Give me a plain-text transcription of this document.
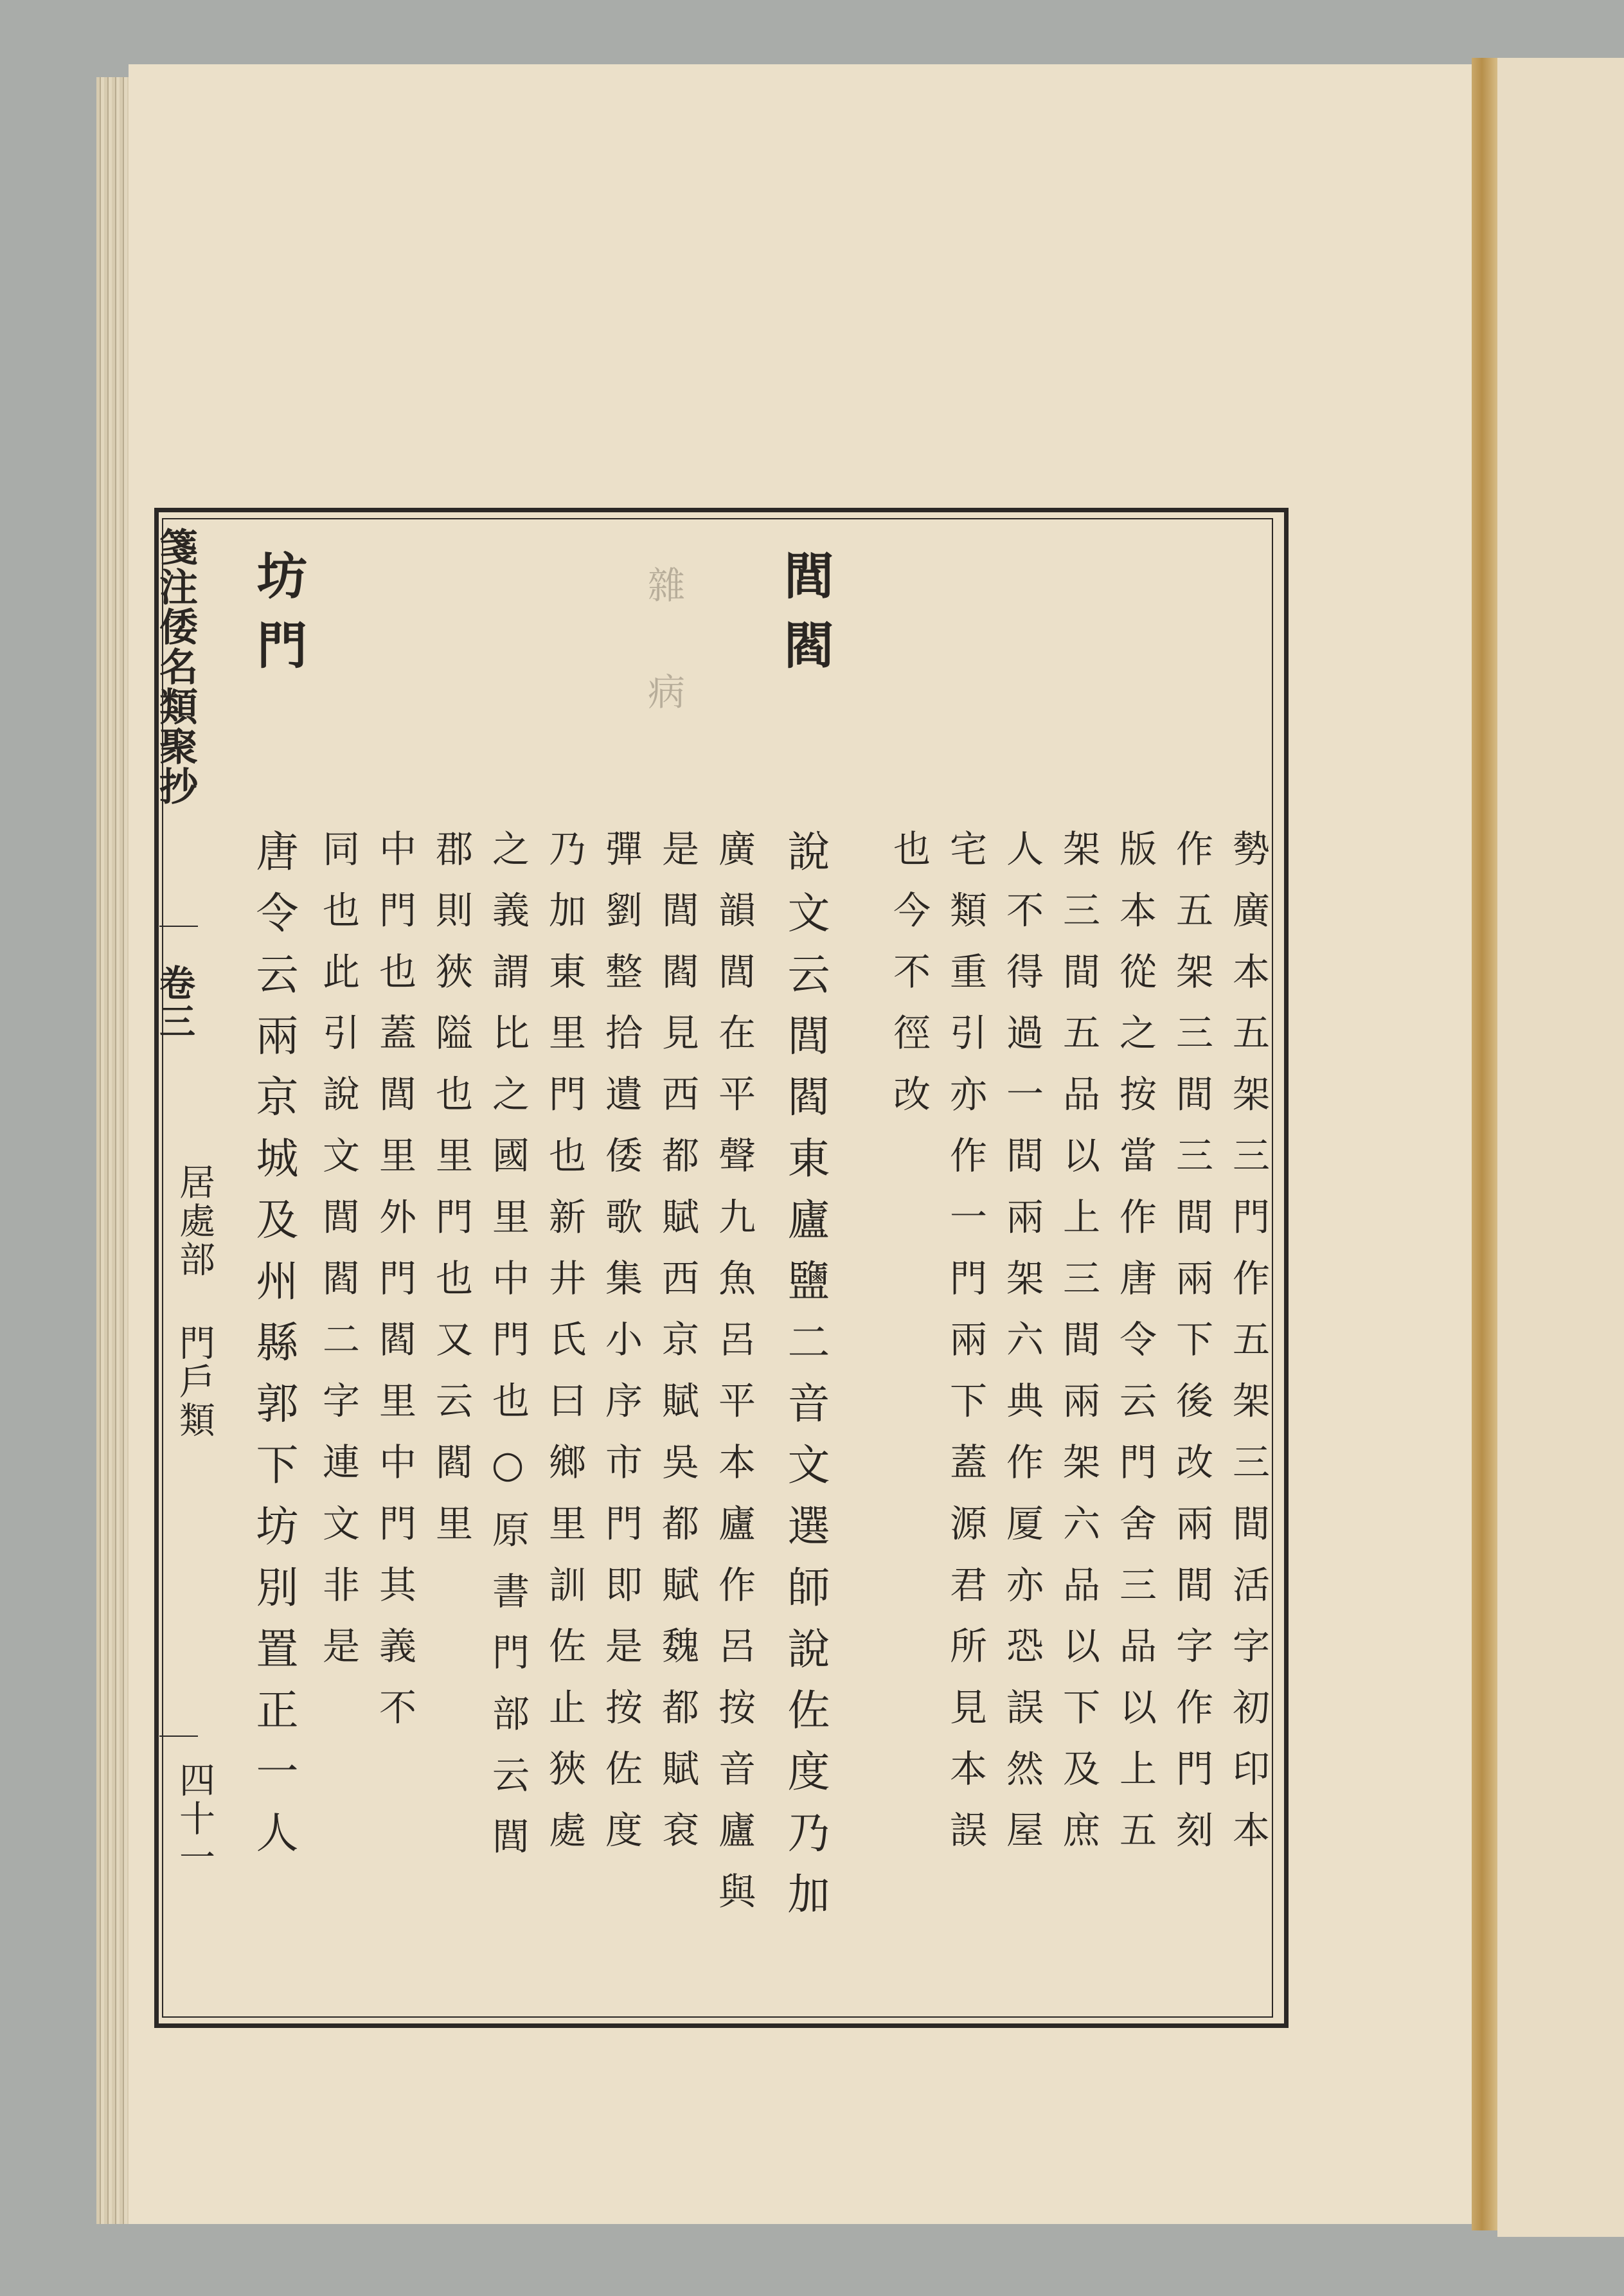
雜 病
箋注倭名類聚抄
卷三
居處部
門戶類
四十一	勢廣本五架三門作五架三間活字初印本
作五架三間三間兩下後改兩間字作門刻
版本從之按當作唐令云門舍三品以上五
架三間五品以上三間兩架六品以下及庶
人不得過一間兩架六典作厦亦恐誤然屋
宅類重引亦作一門兩下蓋源君所見本誤
也今不徑改
閭閻
說文云閭閻東廬鹽二音文選師說佐度乃加
廣韻閭在平聲九魚呂平本廬作呂按音廬與
是閭閻見西都賦西京賦吳都賦魏都賦袞
彈劉整拾遺倭歌集小序市門即是按佐度
乃加東里門也新井氏曰鄉里訓佐止狹處
之義謂比之國里中門也○原書門部云閭
郡則狹隘也里門也又云閻里
中門也蓋閭里外門閻里中門其義不
同也此引說文閭閻二字連文非是
坊門
唐令云兩京城及州縣郭下坊別置正一人
